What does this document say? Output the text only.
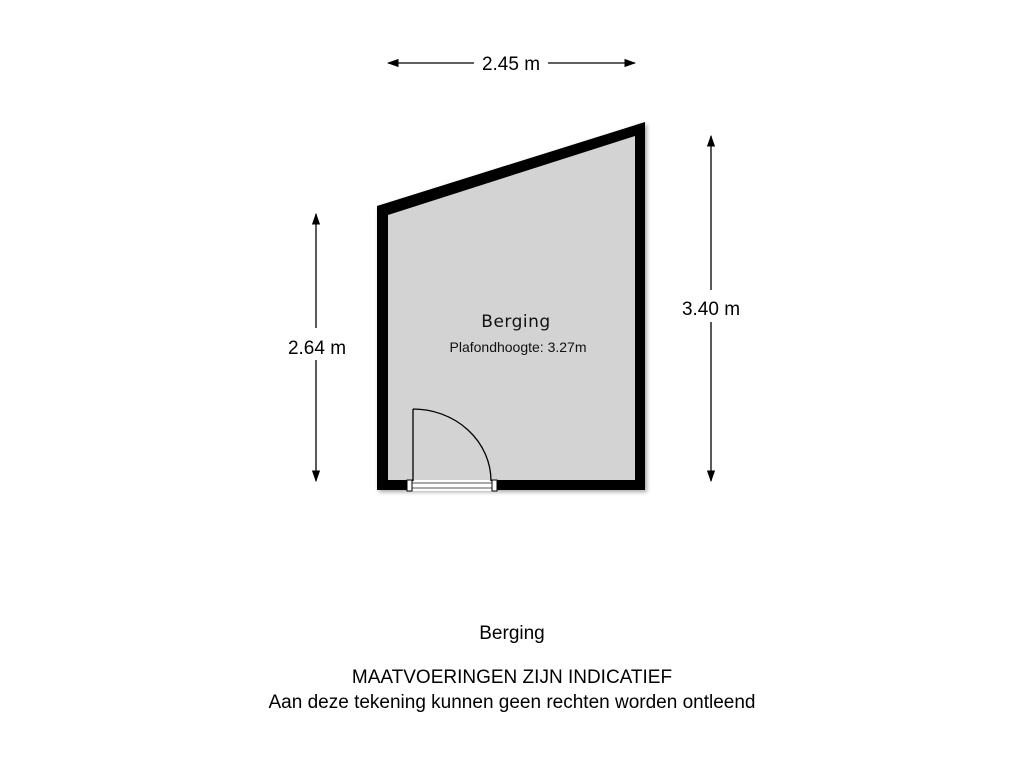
2.45 m
2.64 m
3.40 m
Berging
Plafondhoogte: 3.27m
Berging
MAATVOERINGEN ZIJN INDICATIEF
Aan deze tekening kunnen geen rechten worden ontleend
